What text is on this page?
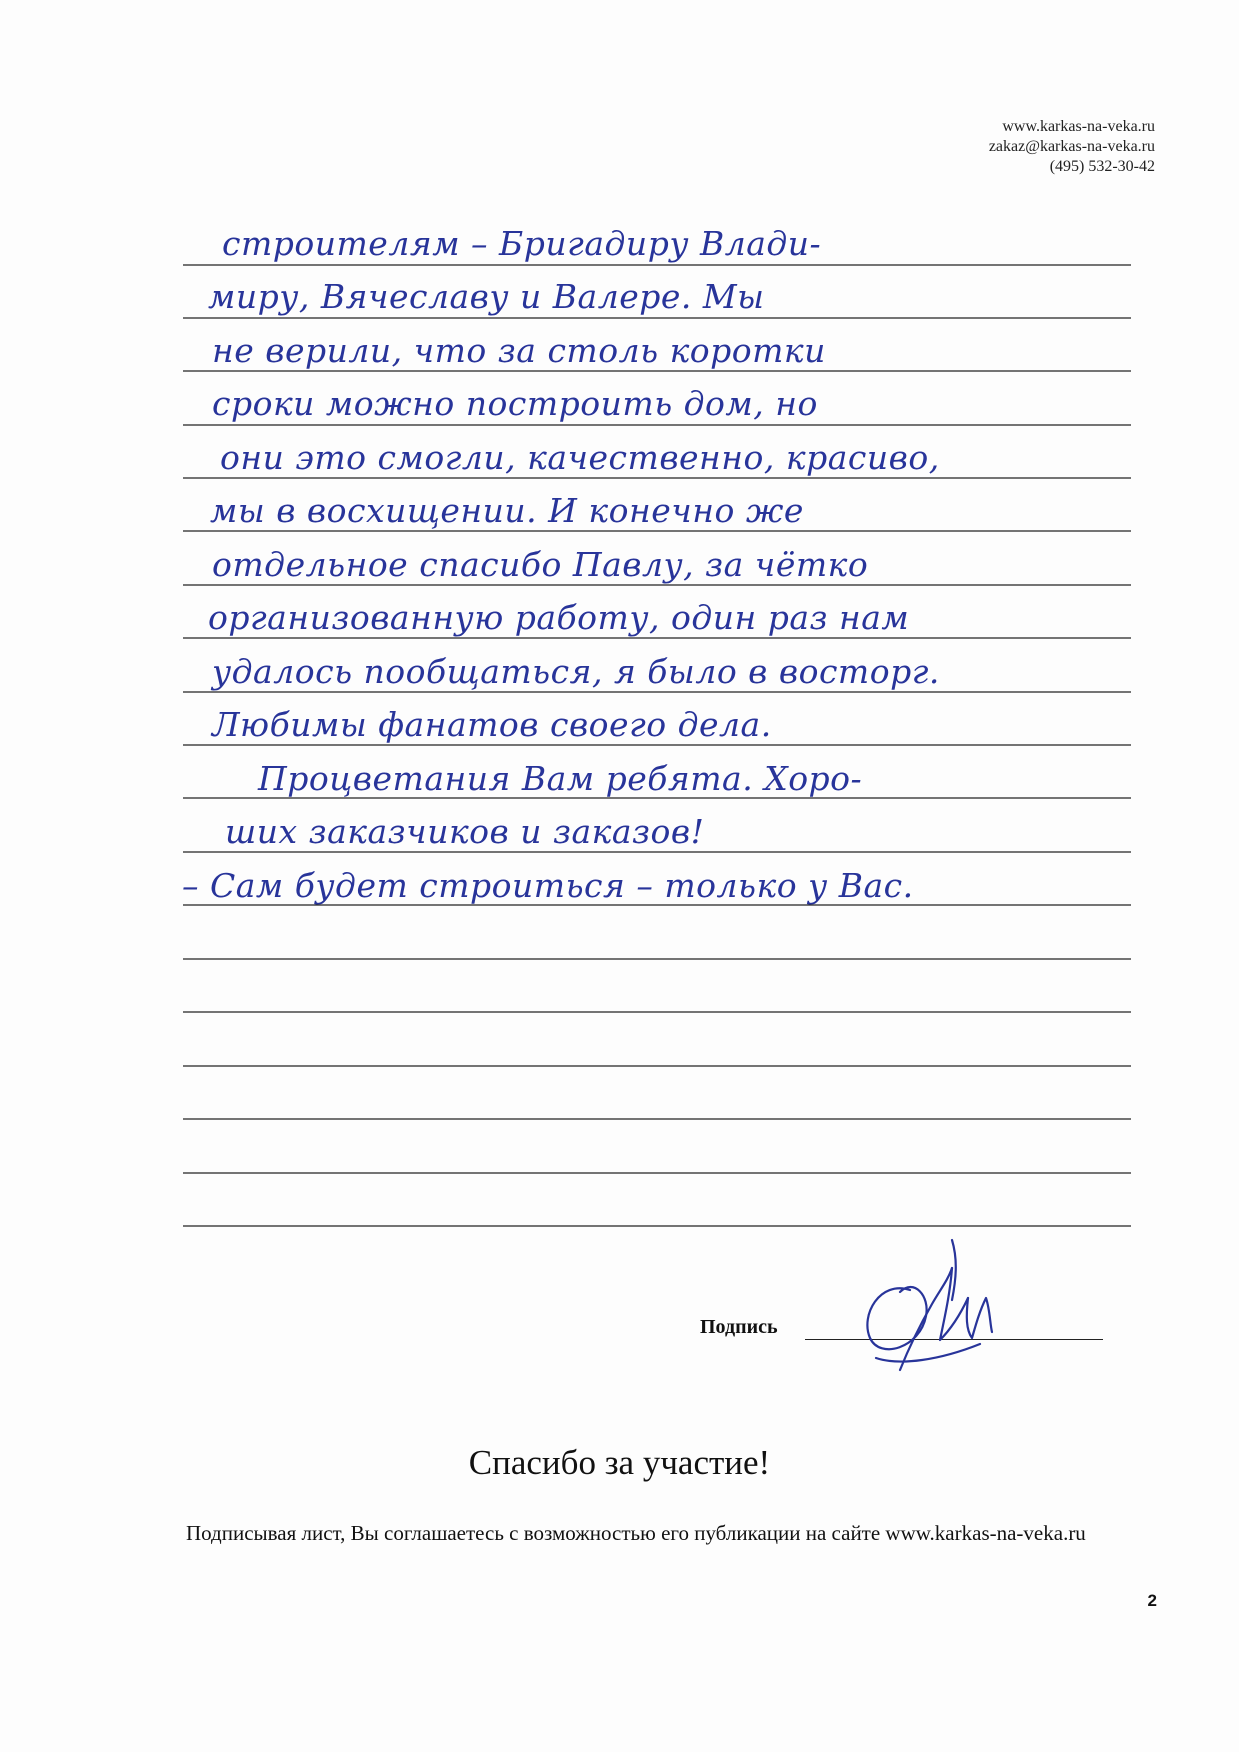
www.karkas-na-veka.ru
zakaz@karkas-na-veka.ru
(495) 532-30-42
строителям – Бригадиру Влади-
миру, Вячеславу и Валере. Мы
не верили, что за столь коротки
сроки можно построить дом, но
они это смогли, качественно, красиво,
мы в восхищении. И конечно же
отдельное спасибо Павлу, за чётко
организованную работу, один раз нам
удалось пообщаться, я было в восторг.
Любимы фанатов своего дела.
Процветания Вам ребята. Хоро-
ших заказчиков и заказов!
– Сам будет строиться – только у Вас.
Подпись
Спасибо за участие!
Подписывая лист, Вы соглашаетесь с возможностью его публикации на сайте www.karkas-na-veka.ru
2
